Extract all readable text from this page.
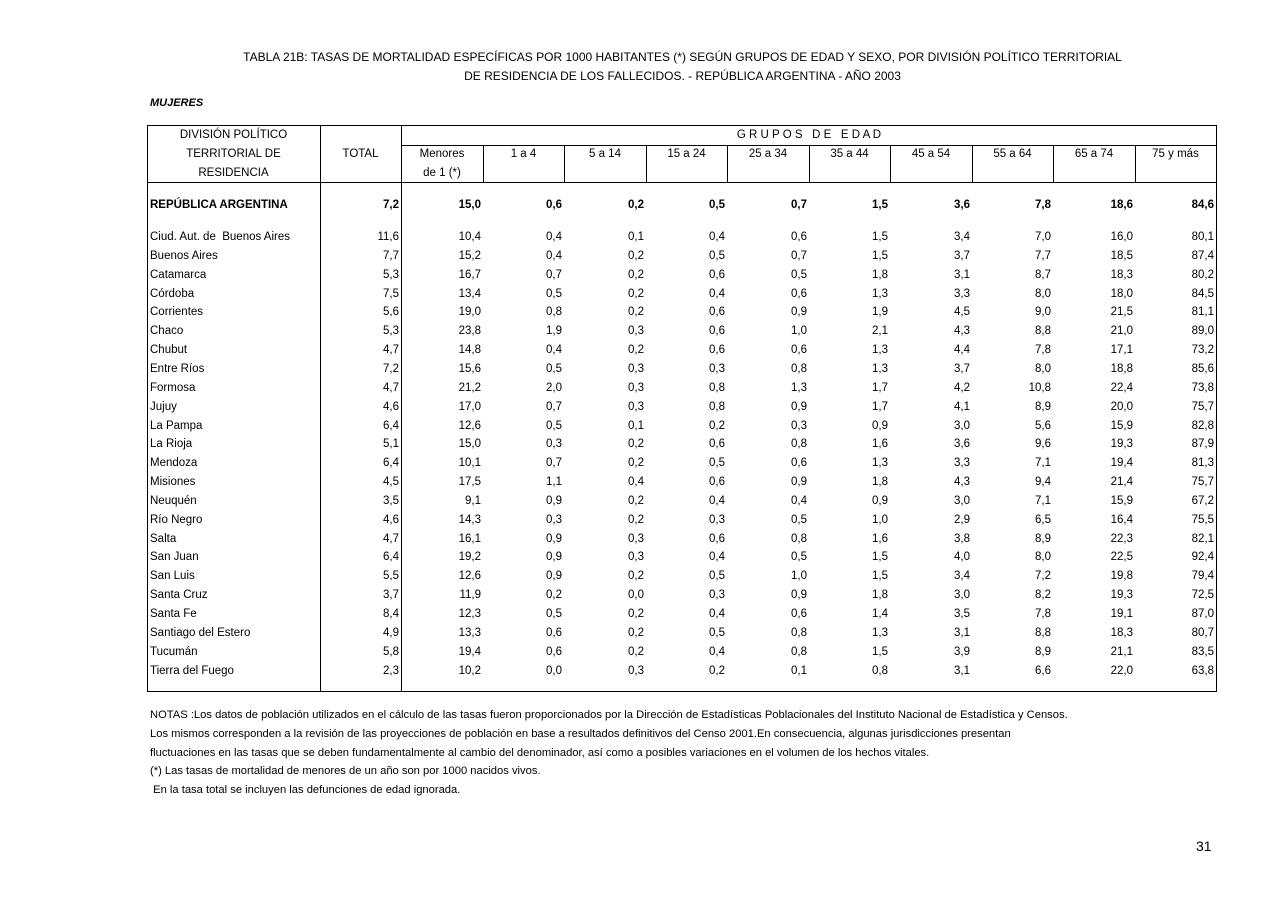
TABLA 21B: TASAS DE MORTALIDAD ESPECÍFICAS POR 1000 HABITANTES (*) SEGÚN GRUPOS DE EDAD Y SEXO, POR DIVISIÓN POLÍTICO TERRITORIAL
DE RESIDENCIA DE LOS FALLECIDOS. - REPÚBLICA ARGENTINA - AÑO 2003
MUJERES
DIVISIÓN POLÍTICO
TERRITORIAL DE
RESIDENCIA
TOTAL
G R U P O S   D E   E D A D
Menores
de 1 (*)
1 a 4	5 a 14	15 a 24	25 a 34	35 a 44	45 a 54	55 a 64	65 a 74	75 y más
REPÚBLICA ARGENTINA	7,2	15,0	0,6	0,2	0,5	0,7	1,5	3,6	7,8	18,6	84,6
Ciud. Aut. de  Buenos Aires	11,6	10,4	0,4	0,1	0,4	0,6	1,5	3,4	7,0	16,0	80,1
Buenos Aires	7,7	15,2	0,4	0,2	0,5	0,7	1,5	3,7	7,7	18,5	87,4
Catamarca	5,3	16,7	0,7	0,2	0,6	0,5	1,8	3,1	8,7	18,3	80,2
Córdoba	7,5	13,4	0,5	0,2	0,4	0,6	1,3	3,3	8,0	18,0	84,5
Corrientes	5,6	19,0	0,8	0,2	0,6	0,9	1,9	4,5	9,0	21,5	81,1
Chaco	5,3	23,8	1,9	0,3	0,6	1,0	2,1	4,3	8,8	21,0	89,0
Chubut	4,7	14,8	0,4	0,2	0,6	0,6	1,3	4,4	7,8	17,1	73,2
Entre Ríos	7,2	15,6	0,5	0,3	0,3	0,8	1,3	3,7	8,0	18,8	85,6
Formosa	4,7	21,2	2,0	0,3	0,8	1,3	1,7	4,2	10,8	22,4	73,8
Jujuy	4,6	17,0	0,7	0,3	0,8	0,9	1,7	4,1	8,9	20,0	75,7
La Pampa	6,4	12,6	0,5	0,1	0,2	0,3	0,9	3,0	5,6	15,9	82,8
La Rioja	5,1	15,0	0,3	0,2	0,6	0,8	1,6	3,6	9,6	19,3	87,9
Mendoza	6,4	10,1	0,7	0,2	0,5	0,6	1,3	3,3	7,1	19,4	81,3
Misiones	4,5	17,5	1,1	0,4	0,6	0,9	1,8	4,3	9,4	21,4	75,7
Neuquén	3,5	9,1	0,9	0,2	0,4	0,4	0,9	3,0	7,1	15,9	67,2
Río Negro	4,6	14,3	0,3	0,2	0,3	0,5	1,0	2,9	6,5	16,4	75,5
Salta	4,7	16,1	0,9	0,3	0,6	0,8	1,6	3,8	8,9	22,3	82,1
San Juan	6,4	19,2	0,9	0,3	0,4	0,5	1,5	4,0	8,0	22,5	92,4
San Luis	5,5	12,6	0,9	0,2	0,5	1,0	1,5	3,4	7,2	19,8	79,4
Santa Cruz	3,7	11,9	0,2	0,0	0,3	0,9	1,8	3,0	8,2	19,3	72,5
Santa Fe	8,4	12,3	0,5	0,2	0,4	0,6	1,4	3,5	7,8	19,1	87,0
Santiago del Estero	4,9	13,3	0,6	0,2	0,5	0,8	1,3	3,1	8,8	18,3	80,7
Tucumán	5,8	19,4	0,6	0,2	0,4	0,8	1,5	3,9	8,9	21,1	83,5
Tierra del Fuego	2,3	10,2	0,0	0,3	0,2	0,1	0,8	3,1	6,6	22,0	63,8
NOTAS :Los datos de población utilizados en el cálculo de las tasas fueron proporcionados por la Dirección de Estadísticas Poblacionales del Instituto Nacional de Estadística y Censos.
Los mismos corresponden a la revisión de las proyecciones de población en base a resultados definitivos del Censo 2001.En consecuencia, algunas jurisdicciones presentan
fluctuaciones en las tasas que se deben fundamentalmente al cambio del denominador, así como a posibles variaciones en el volumen de los hechos vitales.
(*) Las tasas de mortalidad de menores de un año son por 1000 nacidos vivos.
En la tasa total se incluyen las defunciones de edad ignorada.
31
